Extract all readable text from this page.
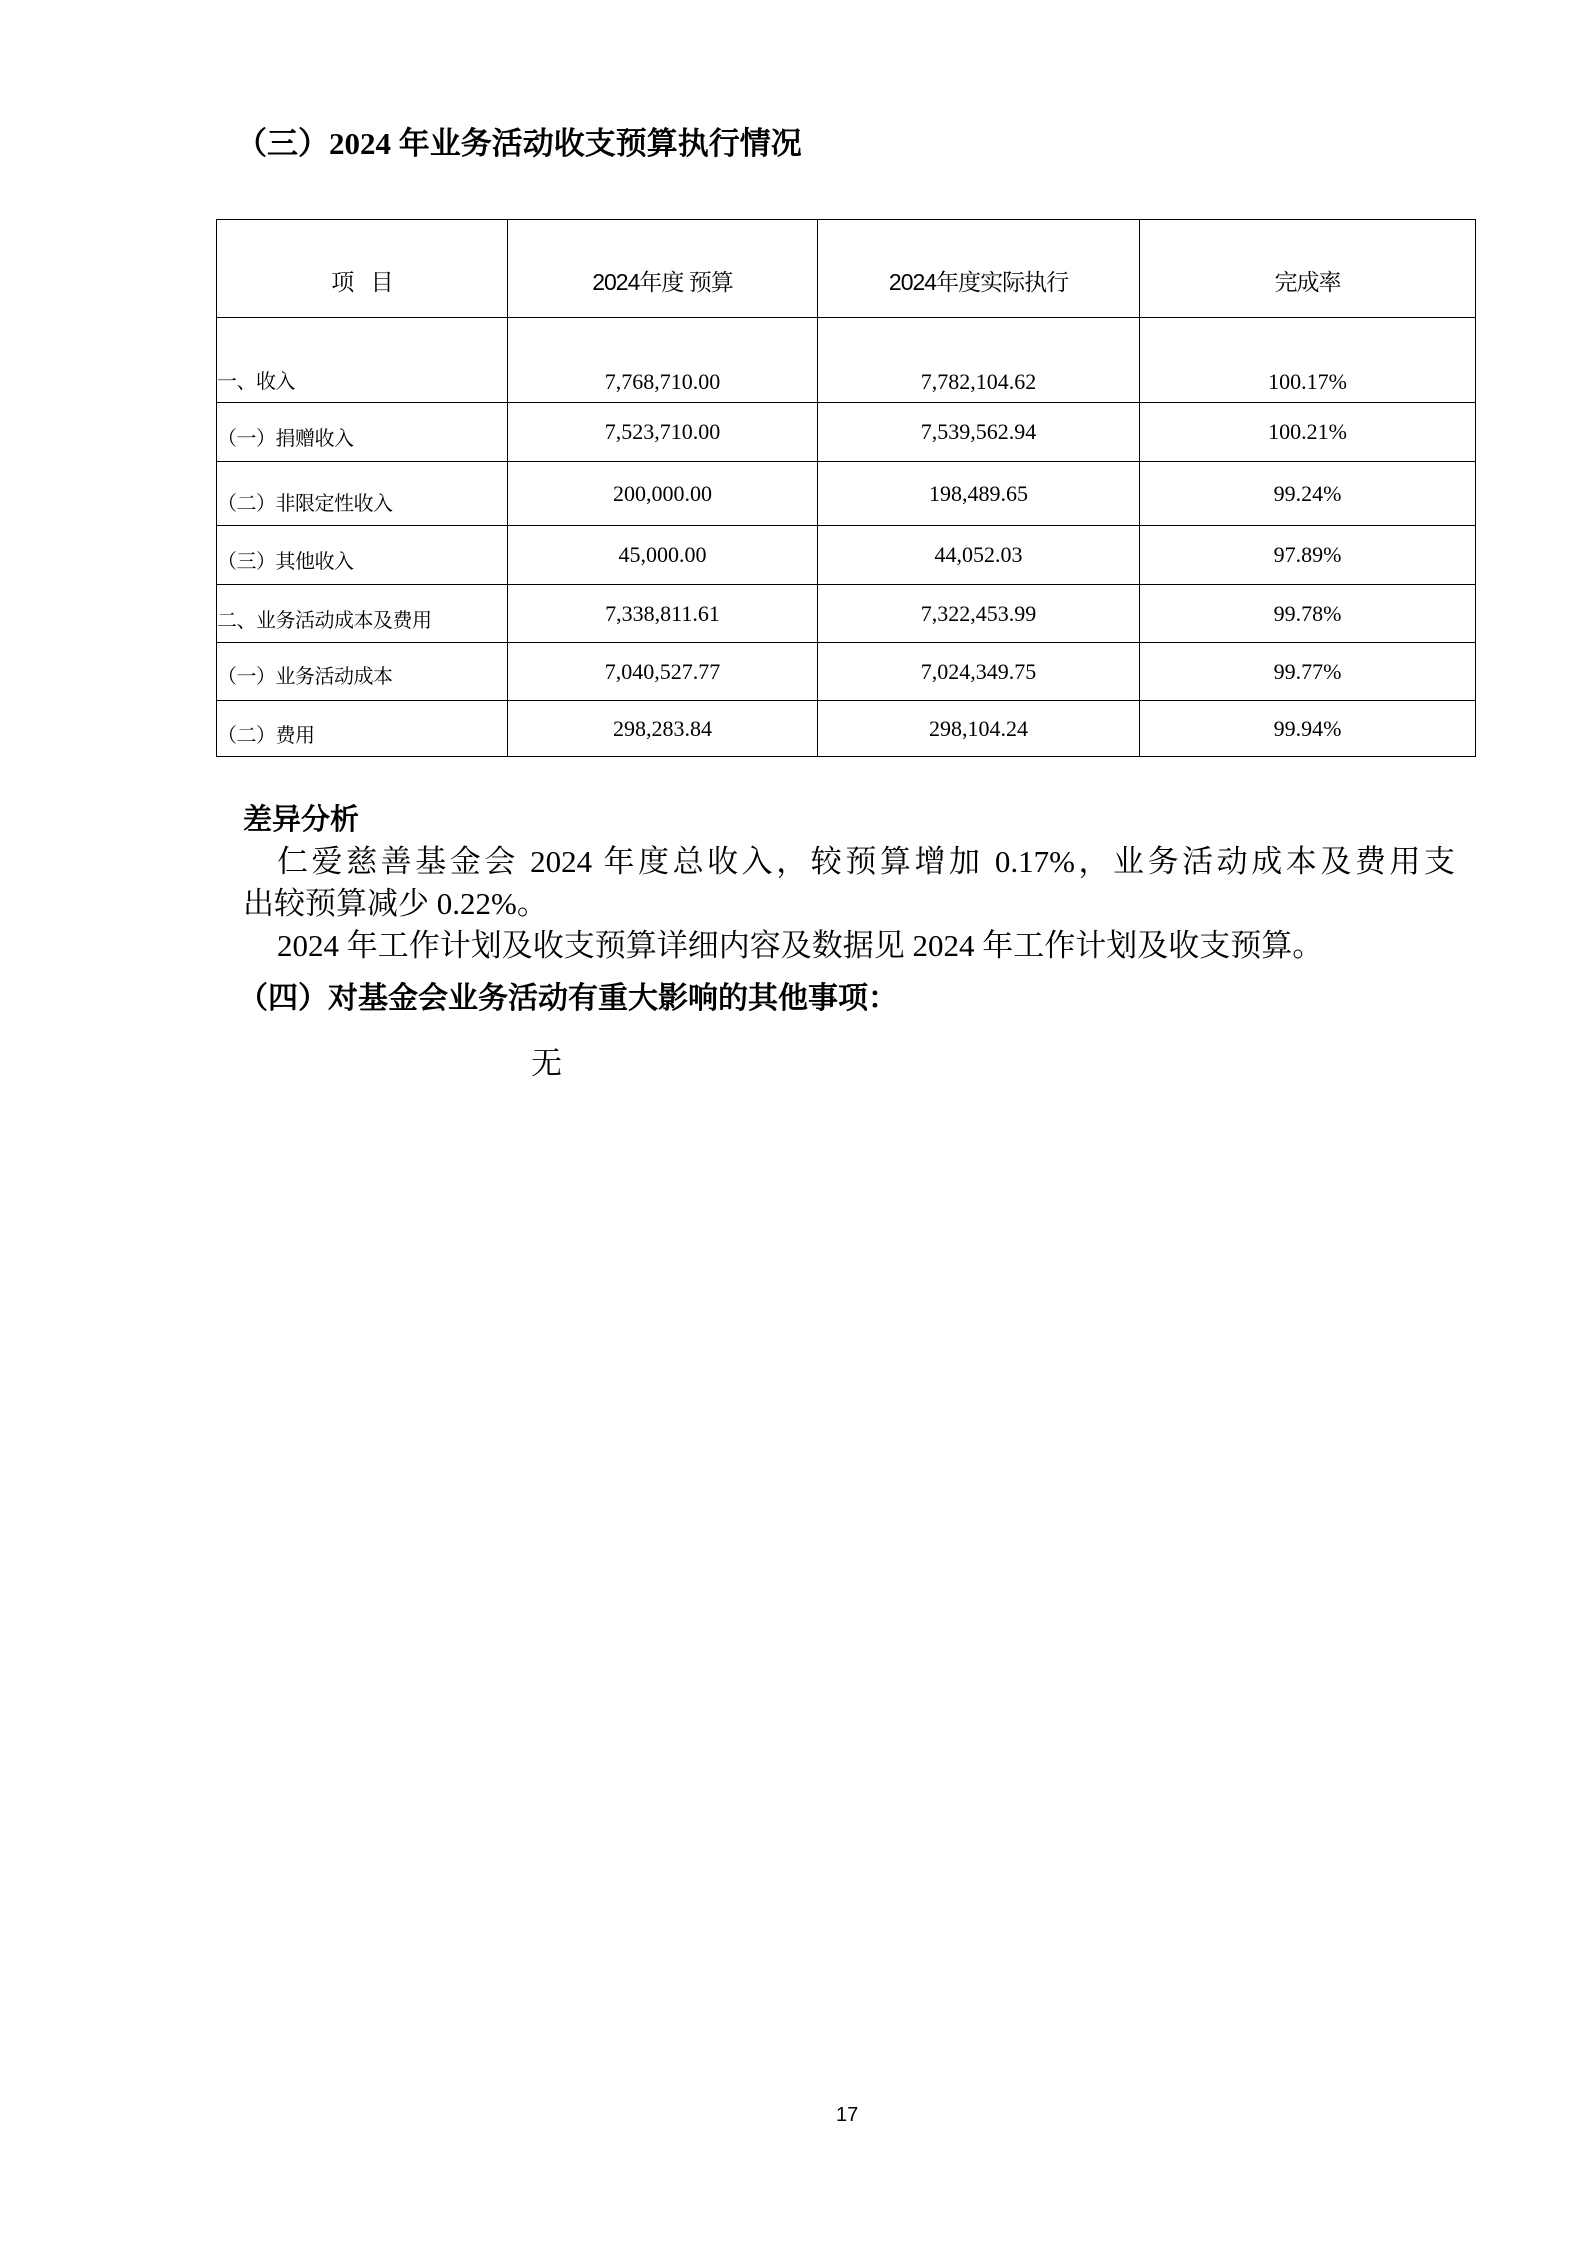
（三）2024 年业务活动收支预算执行情况
项 目	2024年度 预算	2024年度实际执行	完成率
一、收入	7,768,710.00	7,782,104.62	100.17%
（一）捐赠收入	7,523,710.00	7,539,562.94	100.21%
（二）非限定性收入	200,000.00	198,489.65	99.24%
（三）其他收入	45,000.00	44,052.03	97.89%
二、业务活动成本及费用	7,338,811.61	7,322,453.99	99.78%
（一）业务活动成本	7,040,527.77	7,024,349.75	99.77%
（二）费用	298,283.84	298,104.24	99.94%
差异分析
仁爱慈善基金会 2024 年度总收入，较预算增加 0.17%，业务活动成本及费用支
出较预算减少 0.22%。
2024 年工作计划及收支预算详细内容及数据见 2024 年工作计划及收支预算。
（四）对基金会业务活动有重大影响的其他事项：
无
17
